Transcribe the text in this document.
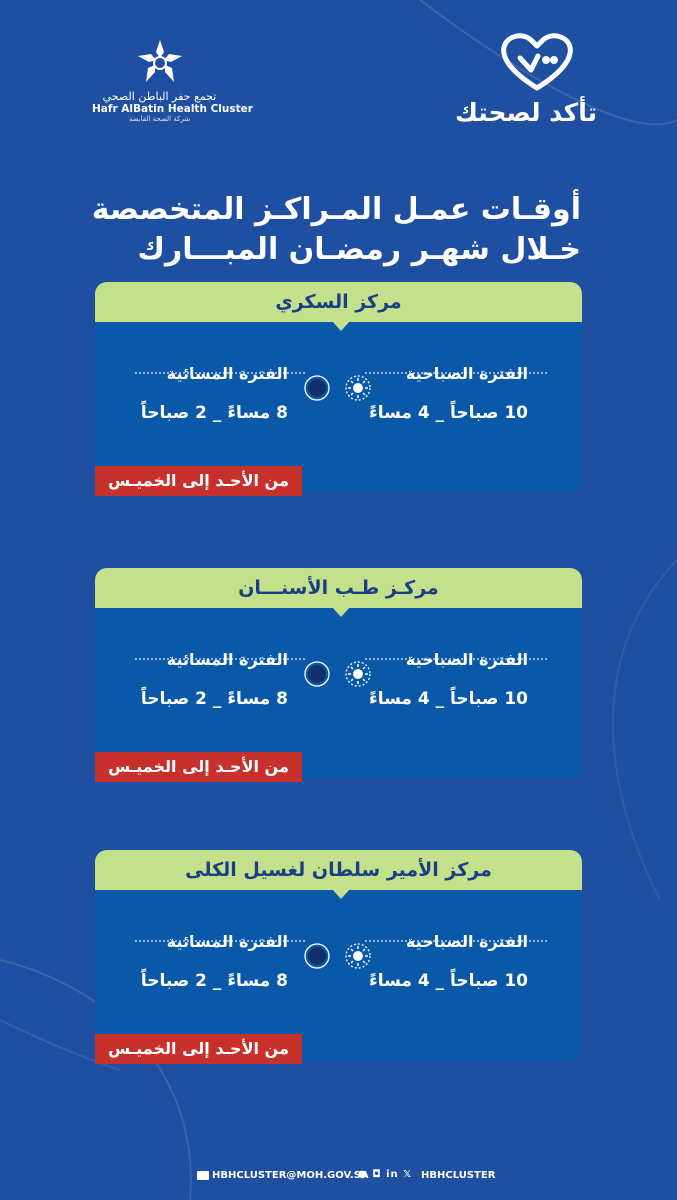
تأكد لصحتك
تجمع حفر الباطن الصحي
Hafr AlBatin Health Cluster
شركة الصحة القابضة
أوقـات عمـل المـراكـز المتخصصة
خـلال شهـر رمضـان المبـــارك
مركز السكري
الفترة الصباحية
10 صباحاً _ 4 مساءً
الفترة المسائية
8 مساءً _ 2 صباحاً
من الأحـد إلى الخميـس
مركـز طـب الأسنـــان
الفترة الصباحية
10 صباحاً _ 4 مساءً
الفترة المسائية
8 مساءً _ 2 صباحاً
من الأحـد إلى الخميـس
مركز الأمير سلطان لغسيل الكلى
الفترة الصباحية
10 صباحاً _ 4 مساءً
الفترة المسائية
8 مساءً _ 2 صباحاً
من الأحـد إلى الخميـس
HBHCLUSTER@MOH.GOV.SA
● ◘ in 𝕏 HBHCLUSTER
